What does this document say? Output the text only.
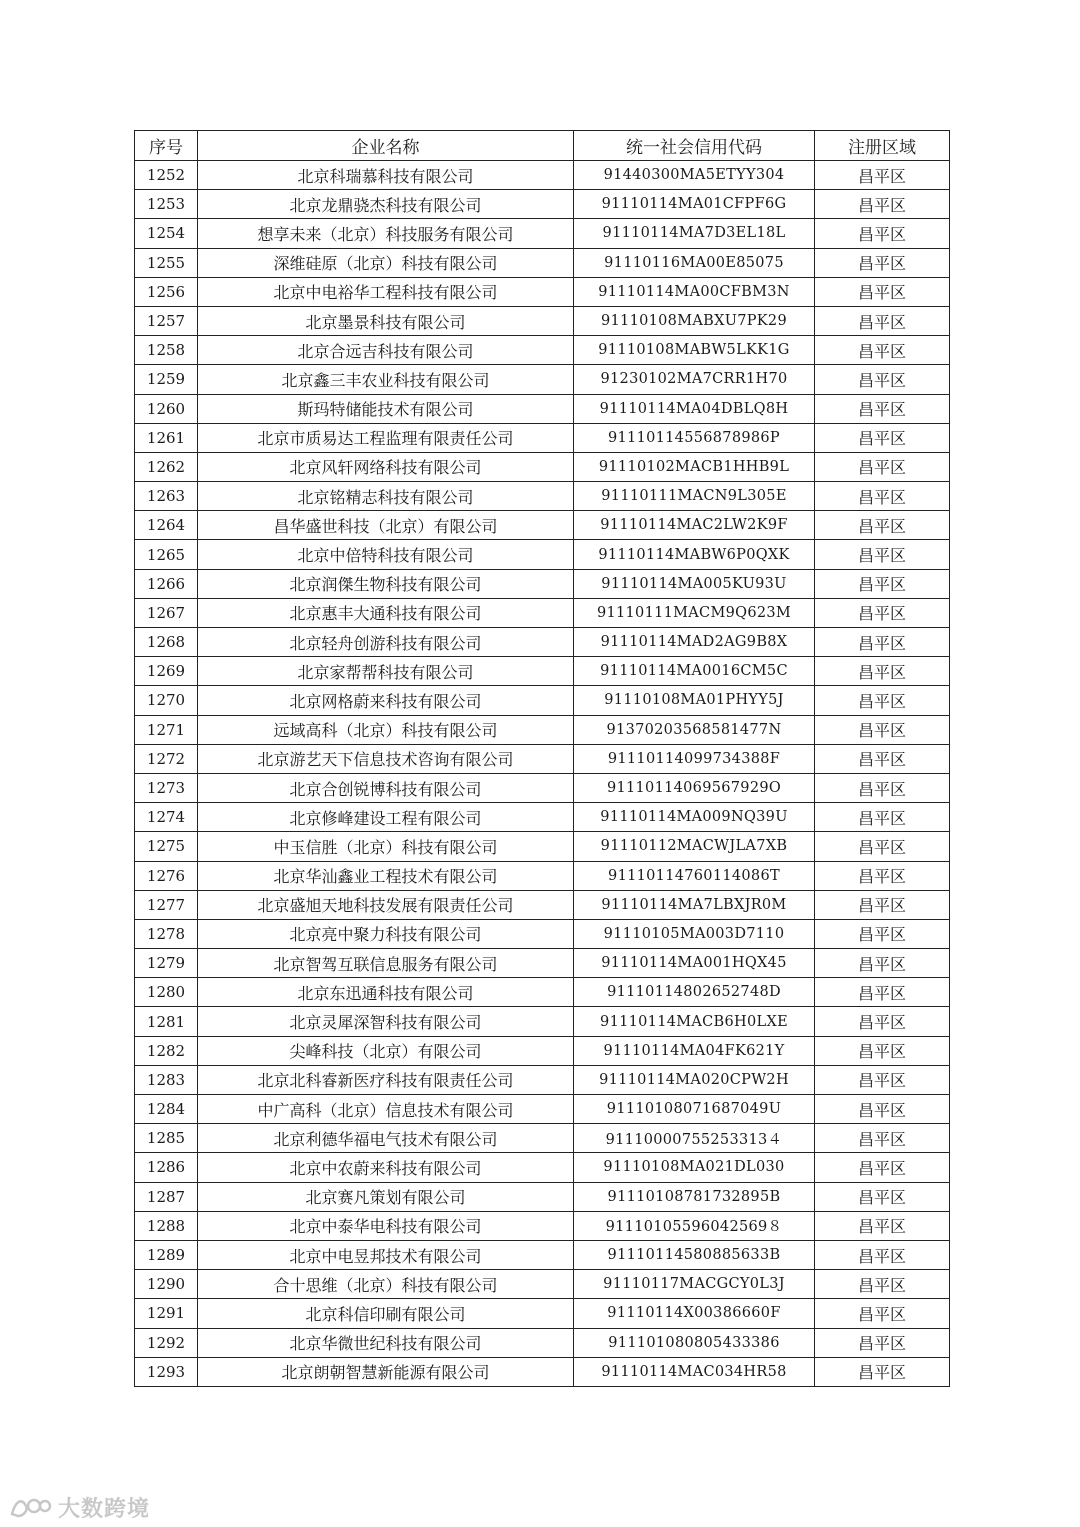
序号	企业名称	统一社会信用代码	注册区域
1252	北京科瑞慕科技有限公司	91440300MA5ETYY304	昌平区
1253	北京龙鼎骁杰科技有限公司	91110114MA01CFPF6G	昌平区
1254	想享未来（北京）科技服务有限公司	91110114MA7D3EL18L	昌平区
1255	深维硅原（北京）科技有限公司	91110116MA00E85075	昌平区
1256	北京中电裕华工程科技有限公司	91110114MA00CFBM3N	昌平区
1257	北京墨景科技有限公司	91110108MABXU7PK29	昌平区
1258	北京合远吉科技有限公司	91110108MABW5LKK1G	昌平区
1259	北京鑫三丰农业科技有限公司	91230102MA7CRR1H70	昌平区
1260	斯玛特储能技术有限公司	91110114MA04DBLQ8H	昌平区
1261	北京市质易达工程监理有限责任公司	91110114556878986P	昌平区
1262	北京风轩网络科技有限公司	91110102MACB1HHB9L	昌平区
1263	北京铭精志科技有限公司	91110111MACN9L305E	昌平区
1264	昌华盛世科技（北京）有限公司	91110114MAC2LW2K9F	昌平区
1265	北京中倍特科技有限公司	91110114MABW6P0QXK	昌平区
1266	北京润傑生物科技有限公司	91110114MA005KU93U	昌平区
1267	北京惠丰大通科技有限公司	91110111MACM9Q623M	昌平区
1268	北京轻舟创游科技有限公司	91110114MAD2AG9B8X	昌平区
1269	北京家帮帮科技有限公司	91110114MA0016CM5C	昌平区
1270	北京网格蔚来科技有限公司	91110108MA01PHYY5J	昌平区
1271	远域高科（北京）科技有限公司	91370203568581477N	昌平区
1272	北京游艺天下信息技术咨询有限公司	91110114099734388F	昌平区
1273	北京合创锐博科技有限公司	91110114069567929O	昌平区
1274	北京修峰建设工程有限公司	91110114MA009NQ39U	昌平区
1275	中玉信胜（北京）科技有限公司	91110112MACWJLA7XB	昌平区
1276	北京华汕鑫业工程技术有限公司	91110114760114086T	昌平区
1277	北京盛旭天地科技发展有限责任公司	91110114MA7LBXJR0M	昌平区
1278	北京亮中聚力科技有限公司	91110105MA003D7110	昌平区
1279	北京智驾互联信息服务有限公司	91110114MA001HQX45	昌平区
1280	北京东迅通科技有限公司	91110114802652748D	昌平区
1281	北京灵犀深智科技有限公司	91110114MACB6H0LXE	昌平区
1282	尖峰科技（北京）有限公司	91110114MA04FK621Y	昌平区
1283	北京北科睿新医疗科技有限责任公司	91110114MA020CPW2H	昌平区
1284	中广高科（北京）信息技术有限公司	91110108071687049U	昌平区
1285	北京利德华福电气技术有限公司	91110000755253313４	昌平区
1286	北京中农蔚来科技有限公司	91110108MA021DL030	昌平区
1287	北京赛凡策划有限公司	91110108781732895B	昌平区
1288	北京中泰华电科技有限公司	91110105596042569８	昌平区
1289	北京中电昱邦技术有限公司	91110114580885633B	昌平区
1290	合十思维（北京）科技有限公司	91110117MACGCY0L3J	昌平区
1291	北京科信印刷有限公司	91110114X00386660F	昌平区
1292	北京华微世纪科技有限公司	911101080805433386	昌平区
1293	北京朗朝智慧新能源有限公司	91110114MAC034HR58	昌平区
大数跨境
